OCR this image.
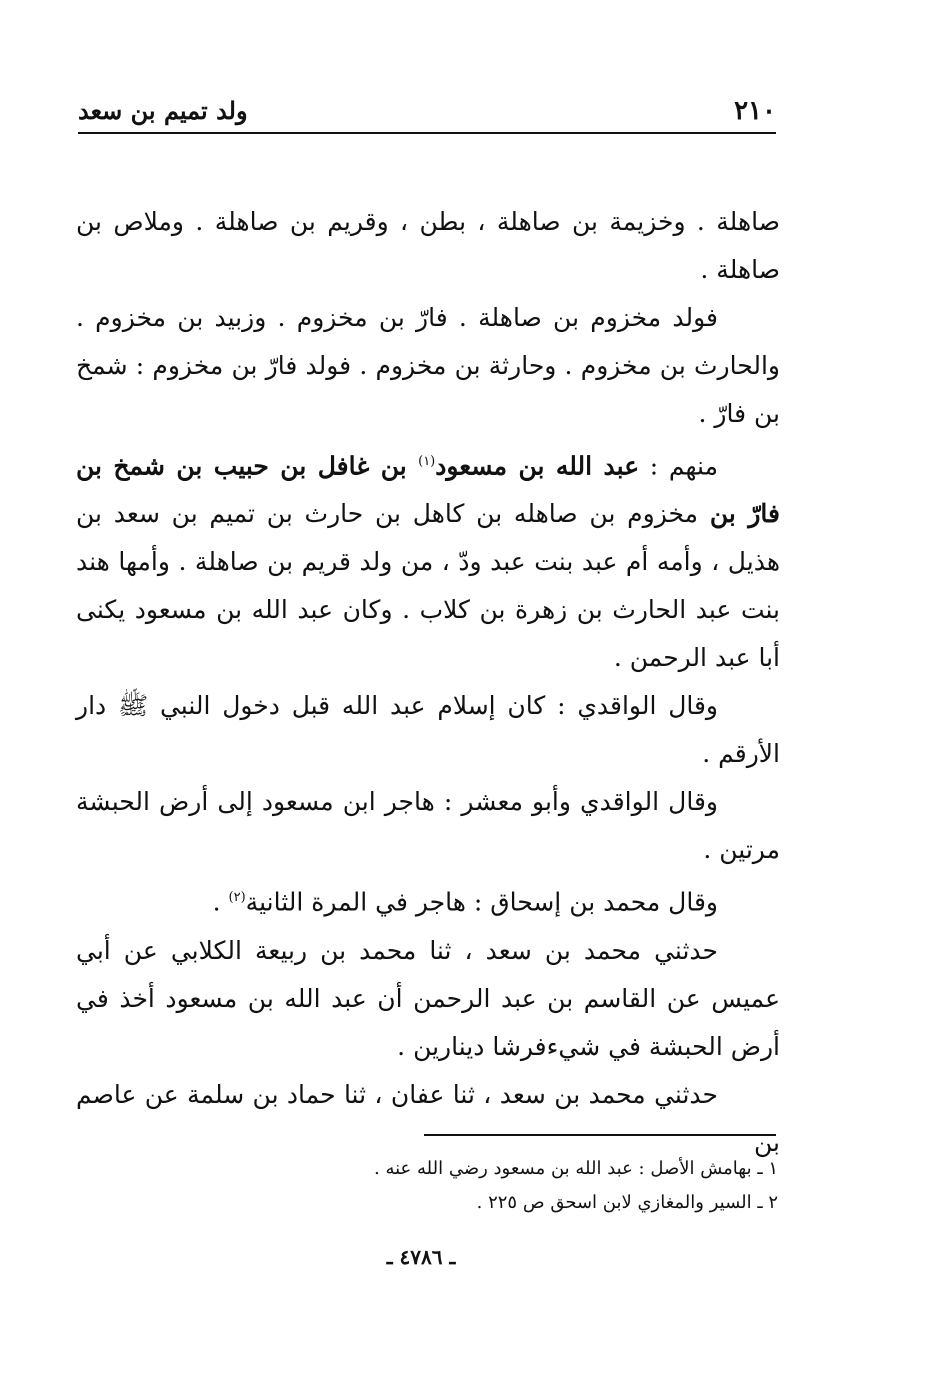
٢١٠
ولد تميم بن سعد

صاهلة . وخزيمة بن صاهلة ، بطن ، وقريم بن صاهلة . وملاص بن صاهلة .

فولد مخزوم بن صاهلة . فارّ بن مخزوم . وزبيد بن مخزوم . والحارث بن مخزوم . وحارثة بن مخزوم . فولد فارّ بن مخزوم : شمخ بن فارّ .

منهم : عبد الله بن مسعود$^{(١)}$ بن غافل بن حبيب بن شمخ بن فارّ بن مخزوم بن صاهله بن كاهل بن حارث بن تميم بن سعد بن هذيل ، وأمه أم عبد بنت عبد ودّ ، من ولد قريم بن صاهلة . وأمها هند بنت عبد الحارث بن زهرة بن كلاب . وكان عبد الله بن مسعود يكنى أبا عبد الرحمن .

وقال الواقدي : كان إسلام عبد الله قبل دخول النبي ﷺ دار الأرقم .

وقال الواقدي وأبو معشر : هاجر ابن مسعود إلى أرض الحبشة مرتين .

وقال محمد بن إسحاق : هاجر في المرة الثانية$^{(٢)}$ .

حدثني محمد بن سعد ، ثنا محمد بن ربيعة الكلابي عن أبي عميس عن القاسم بن عبد الرحمن أن عبد الله بن مسعود أخذ في أرض الحبشة في شيءفرشا دينارين .

حدثني محمد بن سعد ، ثنا عفان ، ثنا حماد بن سلمة عن عاصم بن

١ ـ بهامش الأصل : عبد الله بن مسعود رضي الله عنه .
٢ ـ السير والمغازي لابن اسحق ص ٢٢٥ .
ـ ٤٧٨٦ ـ
